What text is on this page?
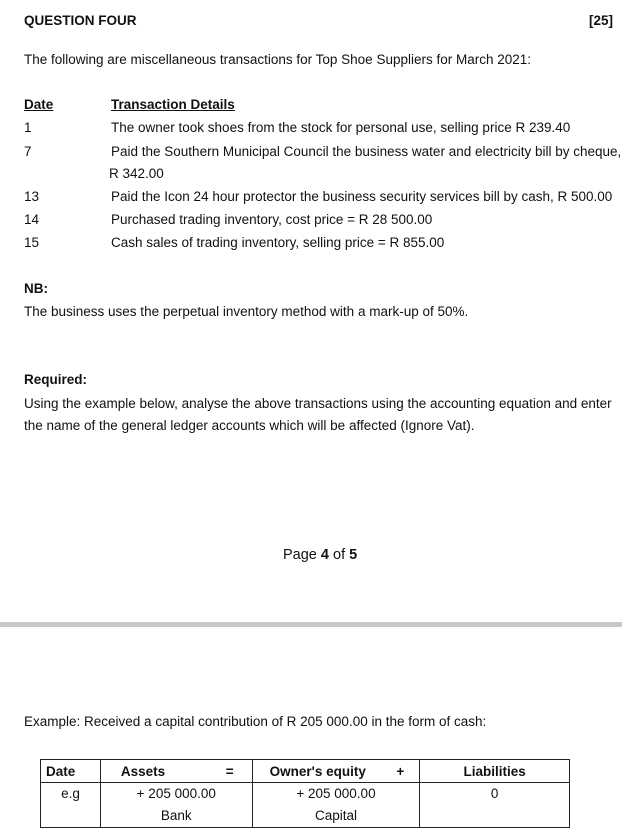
QUESTION FOUR	[25]
The following are miscellaneous transactions for Top Shoe Suppliers for March 2021:
Date	Transaction Details
1	The owner took shoes from the stock for personal use, selling price R 239.40
7	Paid the Southern Municipal Council the business water and electricity bill by cheque,
R 342.00
13	Paid the Icon 24 hour protector the business security services bill by cash, R 500.00
14	Purchased trading inventory, cost price = R 28 500.00
15	Cash sales of trading inventory, selling price = R 855.00
NB:
The business uses the perpetual inventory method with a mark-up of 50%.
Required:
Using the example below, analyse the above transactions using the accounting equation and enter
the name of the general ledger accounts which will be affected (Ignore Vat).
Page 4 of 5
Example: Received a capital contribution of R 205 000.00 in the form of cash:
Date	Assets =	Owner's equity +	Liabilities
e.g	+ 205 000.00	+ 205 000.00	0
	Bank	Capital	
